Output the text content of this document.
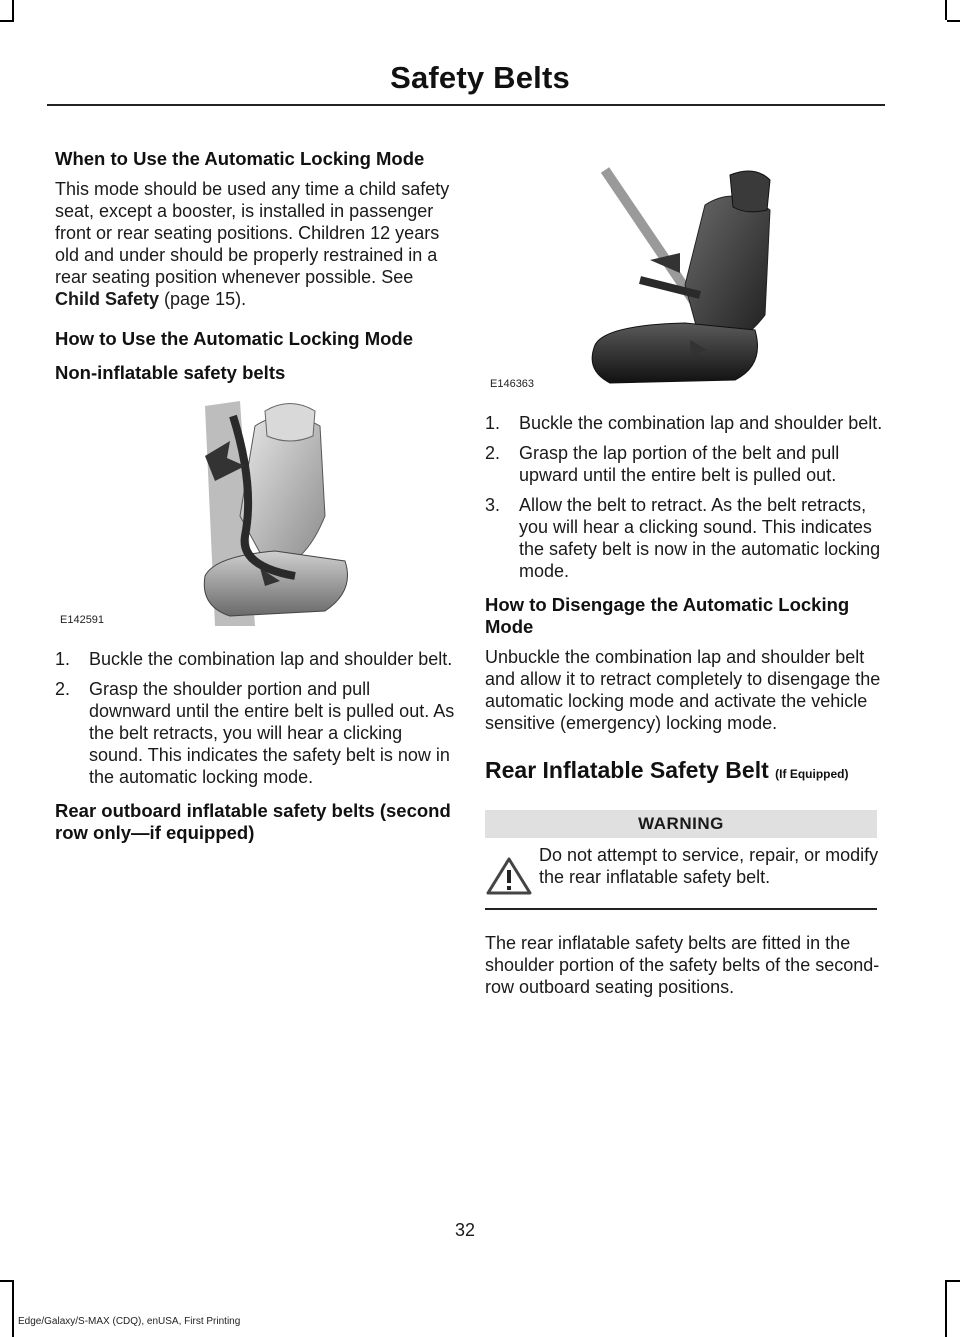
Safety Belts
When to Use the Automatic Locking Mode

This mode should be used any time a child safety seat, except a booster, is installed in passenger front or rear seating positions. Children 12 years old and under should be properly restrained in a rear seating position whenever possible. See Child Safety (page 15).

How to Use the Automatic Locking Mode
Non-inflatable safety belts
E142591
1. Buckle the combination lap and shoulder belt.
2. Grasp the shoulder portion and pull downward until the entire belt is pulled out. As the belt retracts, you will hear a clicking sound. This indicates the safety belt is now in the automatic locking mode.
Rear outboard inflatable safety belts (second row only—if equipped)
E146363
1. Buckle the combination lap and shoulder belt.
2. Grasp the lap portion of the belt and pull upward until the entire belt is pulled out.
3. Allow the belt to retract. As the belt retracts, you will hear a clicking sound. This indicates the safety belt is now in the automatic locking mode.
How to Disengage the Automatic Locking Mode

Unbuckle the combination lap and shoulder belt and allow it to retract completely to disengage the automatic locking mode and activate the vehicle sensitive (emergency) locking mode.

Rear Inflatable Safety Belt (If Equipped)
WARNING
Do not attempt to service, repair, or modify the rear inflatable safety belt.

The rear inflatable safety belts are fitted in the shoulder portion of the safety belts of the second-row outboard seating positions.

32
Edge/Galaxy/S-MAX (CDQ), enUSA, First Printing
